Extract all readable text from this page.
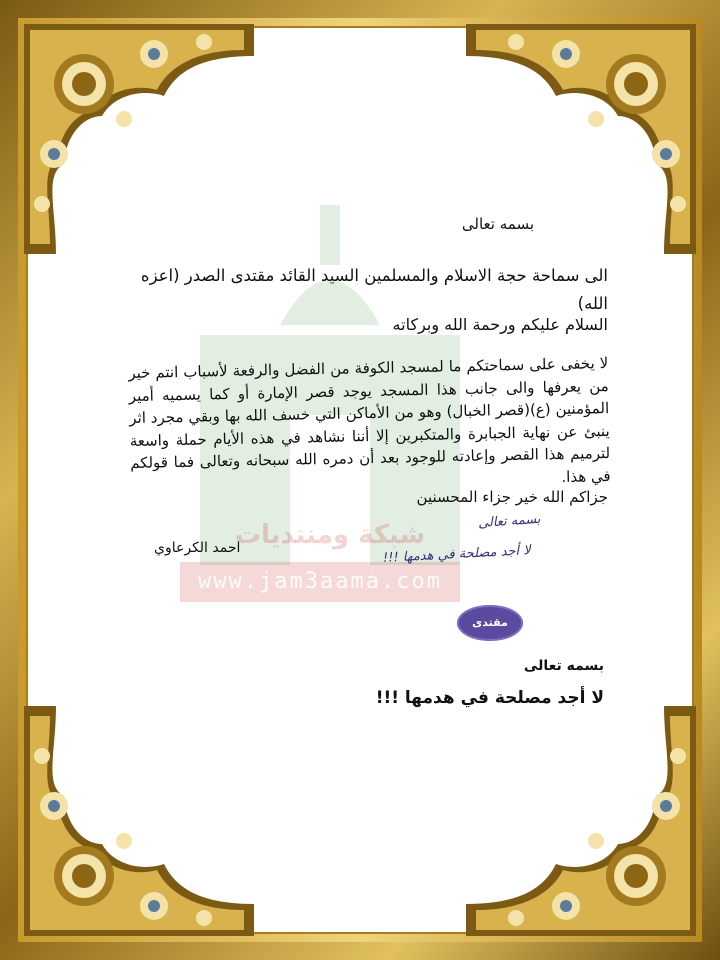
شبكة ومنتديات
www.jam3aama.com
بسمه تعالى
الى سماحة حجة الاسلام والمسلمين السيد القائد مقتدى الصدر (اعزه الله)
السلام عليكم ورحمة الله وبركاته
لا يخفى على سماحتكم ما لمسجد الكوفة من الفضل والرفعة لأسباب انتم خير من يعرفها والى جانب هذا المسجد يوجد قصر الإمارة أو كما يسميه أمير المؤمنين (ع)(قصر الخبال) وهو من الأماكن التي خسف الله بها وبقي مجرد اثر ينبئ عن نهاية الجبابرة والمتكبرين إلا أننا نشاهد في هذه الأيام حملة واسعة لترميم هذا القصر وإعادته للوجود بعد أن دمره الله سبحانه وتعالى فما قولكم في هذا.
جزاكم الله خير جزاء المحسنين
احمد الكرعاوي
بسمه تعالى
لا أجد مصلحة في هدمها !!!
مقتدى الصدر	بسمه تعالى
لا أجد مصلحة في هدمها !!!
